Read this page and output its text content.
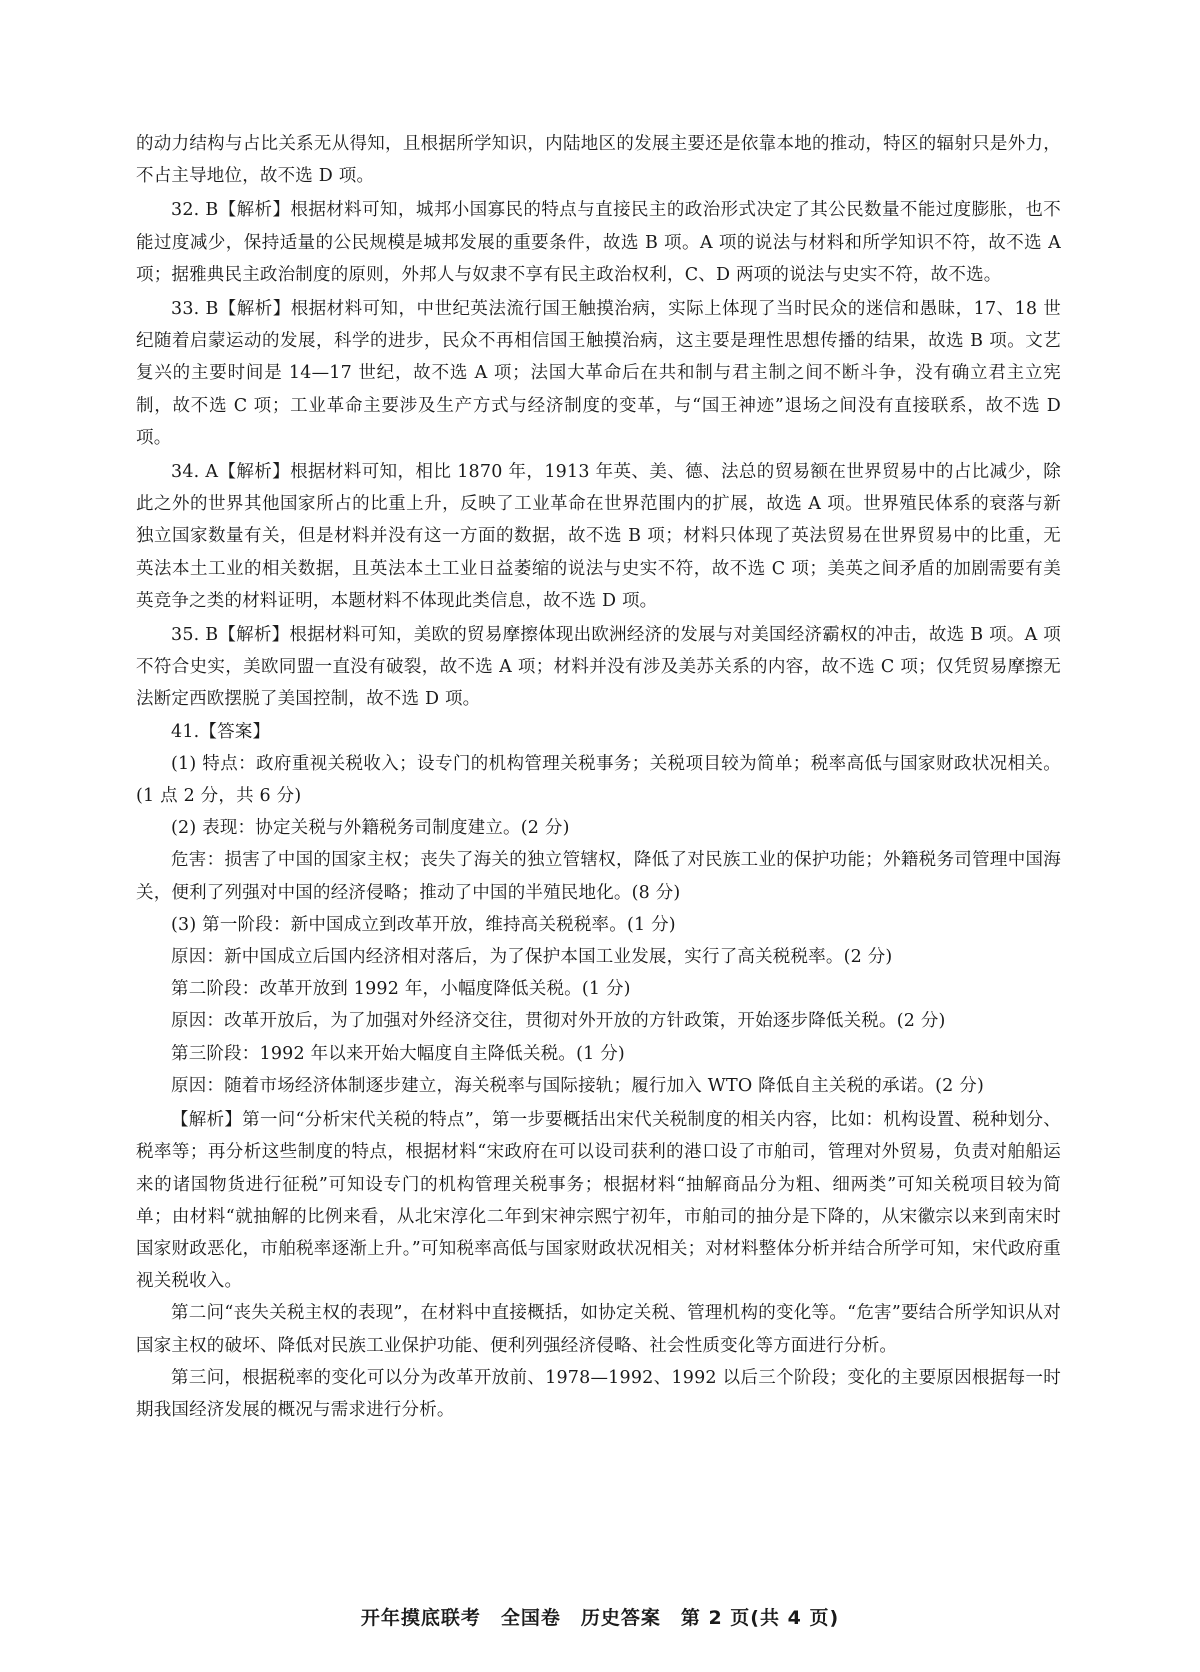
的动力结构与占比关系无从得知，且根据所学知识，内陆地区的发展主要还是依靠本地的推动，特区的辐射只是外力，不占主导地位，故不选 D 项。

32. B【解析】根据材料可知，城邦小国寡民的特点与直接民主的政治形式决定了其公民数量不能过度膨胀，也不能过度减少，保持适量的公民规模是城邦发展的重要条件，故选 B 项。A 项的说法与材料和所学知识不符，故不选 A 项；据雅典民主政治制度的原则，外邦人与奴隶不享有民主政治权利，C、D 两项的说法与史实不符，故不选。

33. B【解析】根据材料可知，中世纪英法流行国王触摸治病，实际上体现了当时民众的迷信和愚昧，17、18 世纪随着启蒙运动的发展，科学的进步，民众不再相信国王触摸治病，这主要是理性思想传播的结果，故选 B 项。文艺复兴的主要时间是 14—17 世纪，故不选 A 项；法国大革命后在共和制与君主制之间不断斗争，没有确立君主立宪制，故不选 C 项；工业革命主要涉及生产方式与经济制度的变革，与“国王神迹”退场之间没有直接联系，故不选 D 项。

34. A【解析】根据材料可知，相比 1870 年，1913 年英、美、德、法总的贸易额在世界贸易中的占比减少，除此之外的世界其他国家所占的比重上升，反映了工业革命在世界范围内的扩展，故选 A 项。世界殖民体系的衰落与新独立国家数量有关，但是材料并没有这一方面的数据，故不选 B 项；材料只体现了英法贸易在世界贸易中的比重，无英法本土工业的相关数据，且英法本土工业日益萎缩的说法与史实不符，故不选 C 项；美英之间矛盾的加剧需要有美英竞争之类的材料证明，本题材料不体现此类信息，故不选 D 项。

35. B【解析】根据材料可知，美欧的贸易摩擦体现出欧洲经济的发展与对美国经济霸权的冲击，故选 B 项。A 项不符合史实，美欧同盟一直没有破裂，故不选 A 项；材料并没有涉及美苏关系的内容，故不选 C 项；仅凭贸易摩擦无法断定西欧摆脱了美国控制，故不选 D 项。

41.【答案】

(1) 特点：政府重视关税收入；设专门的机构管理关税事务；关税项目较为简单；税率高低与国家财政状况相关。(1 点 2 分，共 6 分)

(2) 表现：协定关税与外籍税务司制度建立。(2 分)

危害：损害了中国的国家主权；丧失了海关的独立管辖权，降低了对民族工业的保护功能；外籍税务司管理中国海关，便利了列强对中国的经济侵略；推动了中国的半殖民地化。(8 分)

(3) 第一阶段：新中国成立到改革开放，维持高关税税率。(1 分)

原因：新中国成立后国内经济相对落后，为了保护本国工业发展，实行了高关税税率。(2 分)

第二阶段：改革开放到 1992 年，小幅度降低关税。(1 分)

原因：改革开放后，为了加强对外经济交往，贯彻对外开放的方针政策，开始逐步降低关税。(2 分)

第三阶段：1992 年以来开始大幅度自主降低关税。(1 分)

原因：随着市场经济体制逐步建立，海关税率与国际接轨；履行加入 WTO 降低自主关税的承诺。(2 分)

【解析】第一问“分析宋代关税的特点”，第一步要概括出宋代关税制度的相关内容，比如：机构设置、税种划分、税率等；再分析这些制度的特点，根据材料“宋政府在可以设司获利的港口设了市舶司，管理对外贸易，负责对舶船运来的诸国物货进行征税”可知设专门的机构管理关税事务；根据材料“抽解商品分为粗、细两类”可知关税项目较为简单；由材料“就抽解的比例来看，从北宋淳化二年到宋神宗熙宁初年，市舶司的抽分是下降的，从宋徽宗以来到南宋时国家财政恶化，市舶税率逐渐上升。”可知税率高低与国家财政状况相关；对材料整体分析并结合所学可知，宋代政府重视关税收入。

第二问“丧失关税主权的表现”，在材料中直接概括，如协定关税、管理机构的变化等。“危害”要结合所学知识从对国家主权的破坏、降低对民族工业保护功能、便利列强经济侵略、社会性质变化等方面进行分析。

第三问，根据税率的变化可以分为改革开放前、1978—1992、1992 以后三个阶段；变化的主要原因根据每一时期我国经济发展的概况与需求进行分析。

开年摸底联考　全国卷　历史答案　第 2 页(共 4 页)
